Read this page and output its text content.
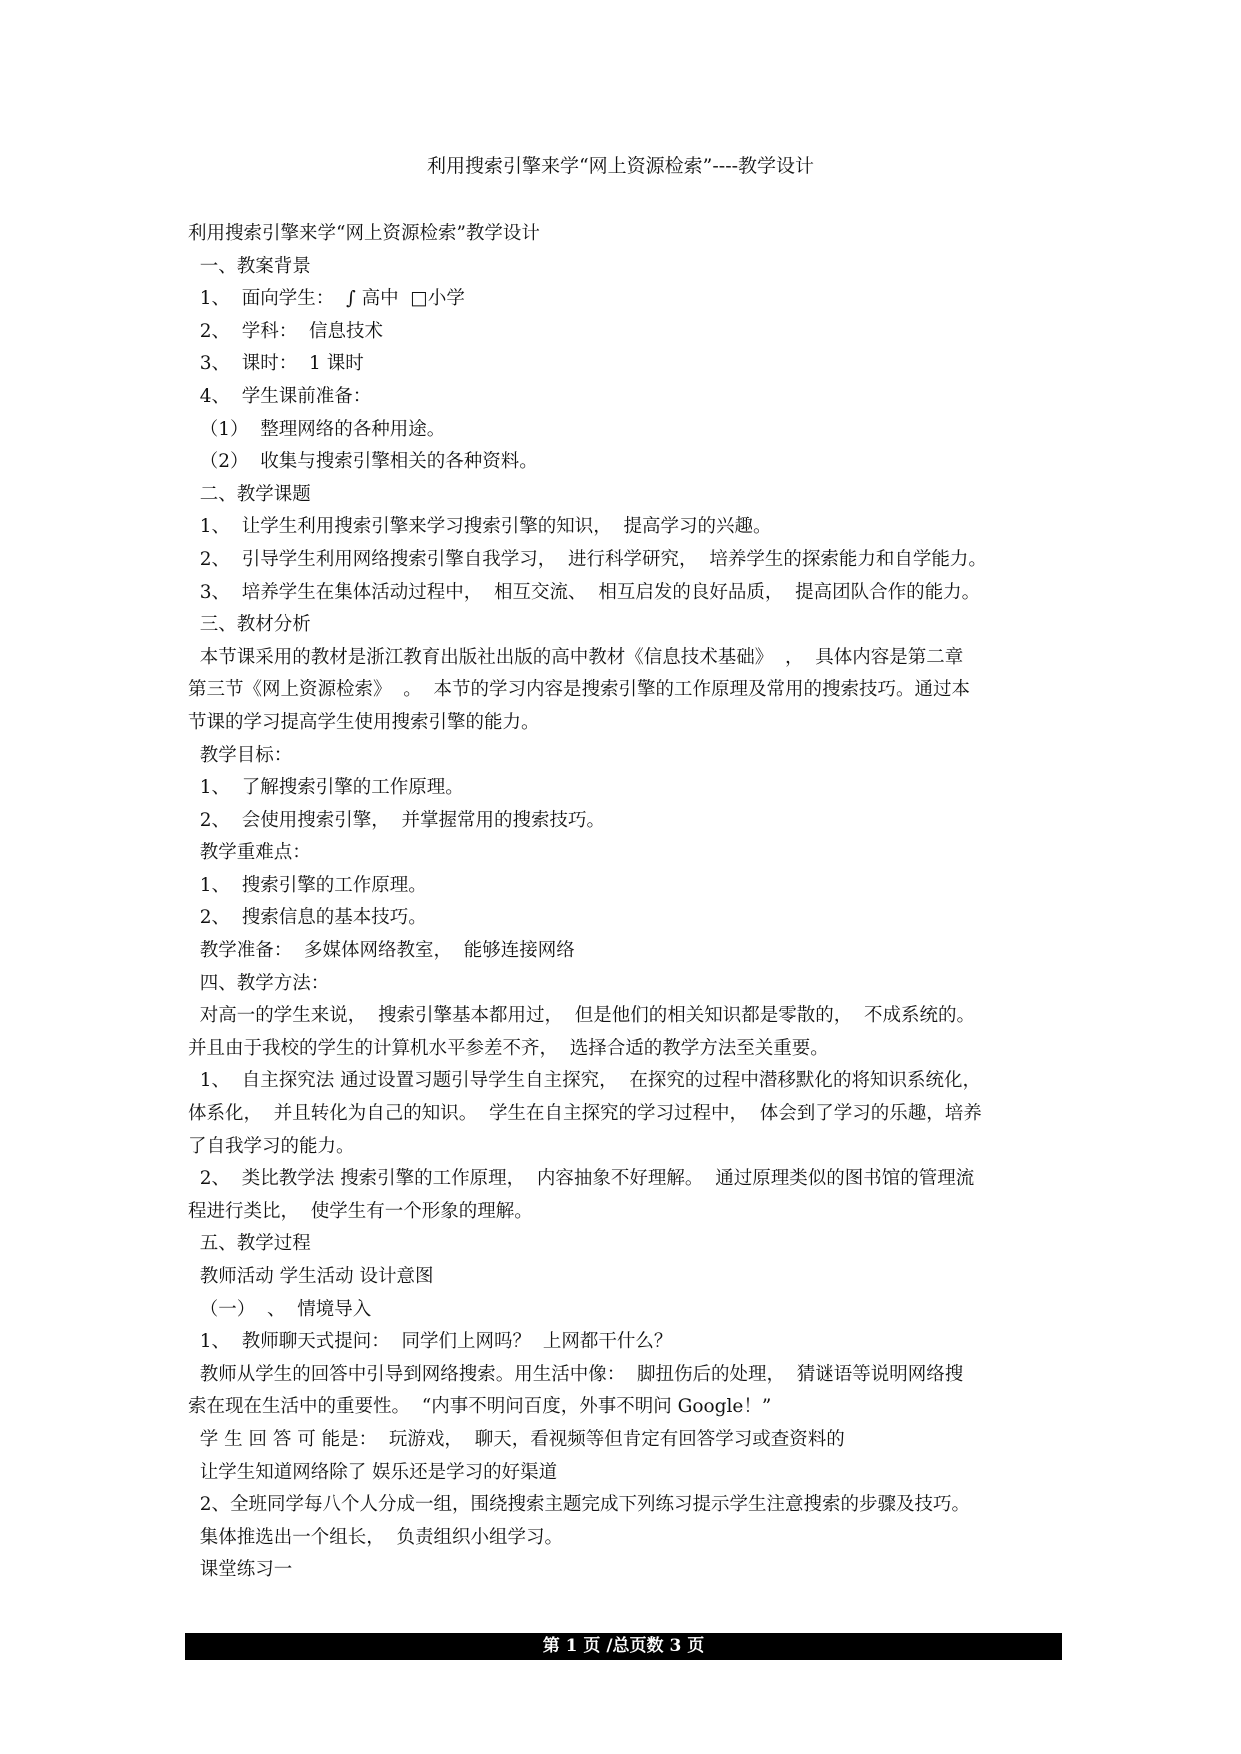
利用搜索引擎来学“网上资源检索”----教学设计
利用搜索引擎来学“网上资源检索”教学设计
一、教案背景
1、  面向学生：  ∫ 高中  □小学
2、  学科：  信息技术
3、  课时：  1 课时
4、  学生课前准备：
（1）  整理网络的各种用途。
（2）  收集与搜索引擎相关的各种资料。
二、教学课题
1、  让学生利用搜索引擎来学习搜索引擎的知识，  提高学习的兴趣。
2、  引导学生利用网络搜索引擎自我学习，  进行科学研究，  培养学生的探索能力和自学能力。
3、  培养学生在集体活动过程中，  相互交流、  相互启发的良好品质，  提高团队合作的能力。
三、教材分析
本节课采用的教材是浙江教育出版社出版的高中教材《信息技术基础》  ，  具体内容是第二章
第三节《网上资源检索》  。  本节的学习内容是搜索引擎的工作原理及常用的搜索技巧。通过本
节课的学习提高学生使用搜索引擎的能力。
教学目标：
1、  了解搜索引擎的工作原理。
2、  会使用搜索引擎，  并掌握常用的搜索技巧。
教学重难点：
1、  搜索引擎的工作原理。
2、  搜索信息的基本技巧。
教学准备：  多媒体网络教室，  能够连接网络
四、教学方法：
对高一的学生来说，  搜索引擎基本都用过，  但是他们的相关知识都是零散的，  不成系统的。
并且由于我校的学生的计算机水平参差不齐，  选择合适的教学方法至关重要。
1、  自主探究法 通过设置习题引导学生自主探究，  在探究的过程中潜移默化的将知识系统化，
体系化，  并且转化为自己的知识。  学生在自主探究的学习过程中，  体会到了学习的乐趣，培养
了自我学习的能力。
2、  类比教学法 搜索引擎的工作原理，  内容抽象不好理解。  通过原理类似的图书馆的管理流
程进行类比，  使学生有一个形象的理解。
五、教学过程
教师活动 学生活动 设计意图
（一）  、  情境导入
1、  教师聊天式提问：  同学们上网吗？  上网都干什么？
教师从学生的回答中引导到网络搜索。用生活中像：  脚扭伤后的处理，  猜谜语等说明网络搜
索在现在生活中的重要性。  “内事不明问百度，外事不明问 Google！”
学 生 回 答 可 能是：  玩游戏，  聊天，看视频等但肯定有回答学习或查资料的
让学生知道网络除了 娱乐还是学习的好渠道
2、全班同学每八个人分成一组，围绕搜索主题完成下列练习提示学生注意搜索的步骤及技巧。
集体推选出一个组长，  负责组织小组学习。
课堂练习一
第 1 页 /总页数 3 页
